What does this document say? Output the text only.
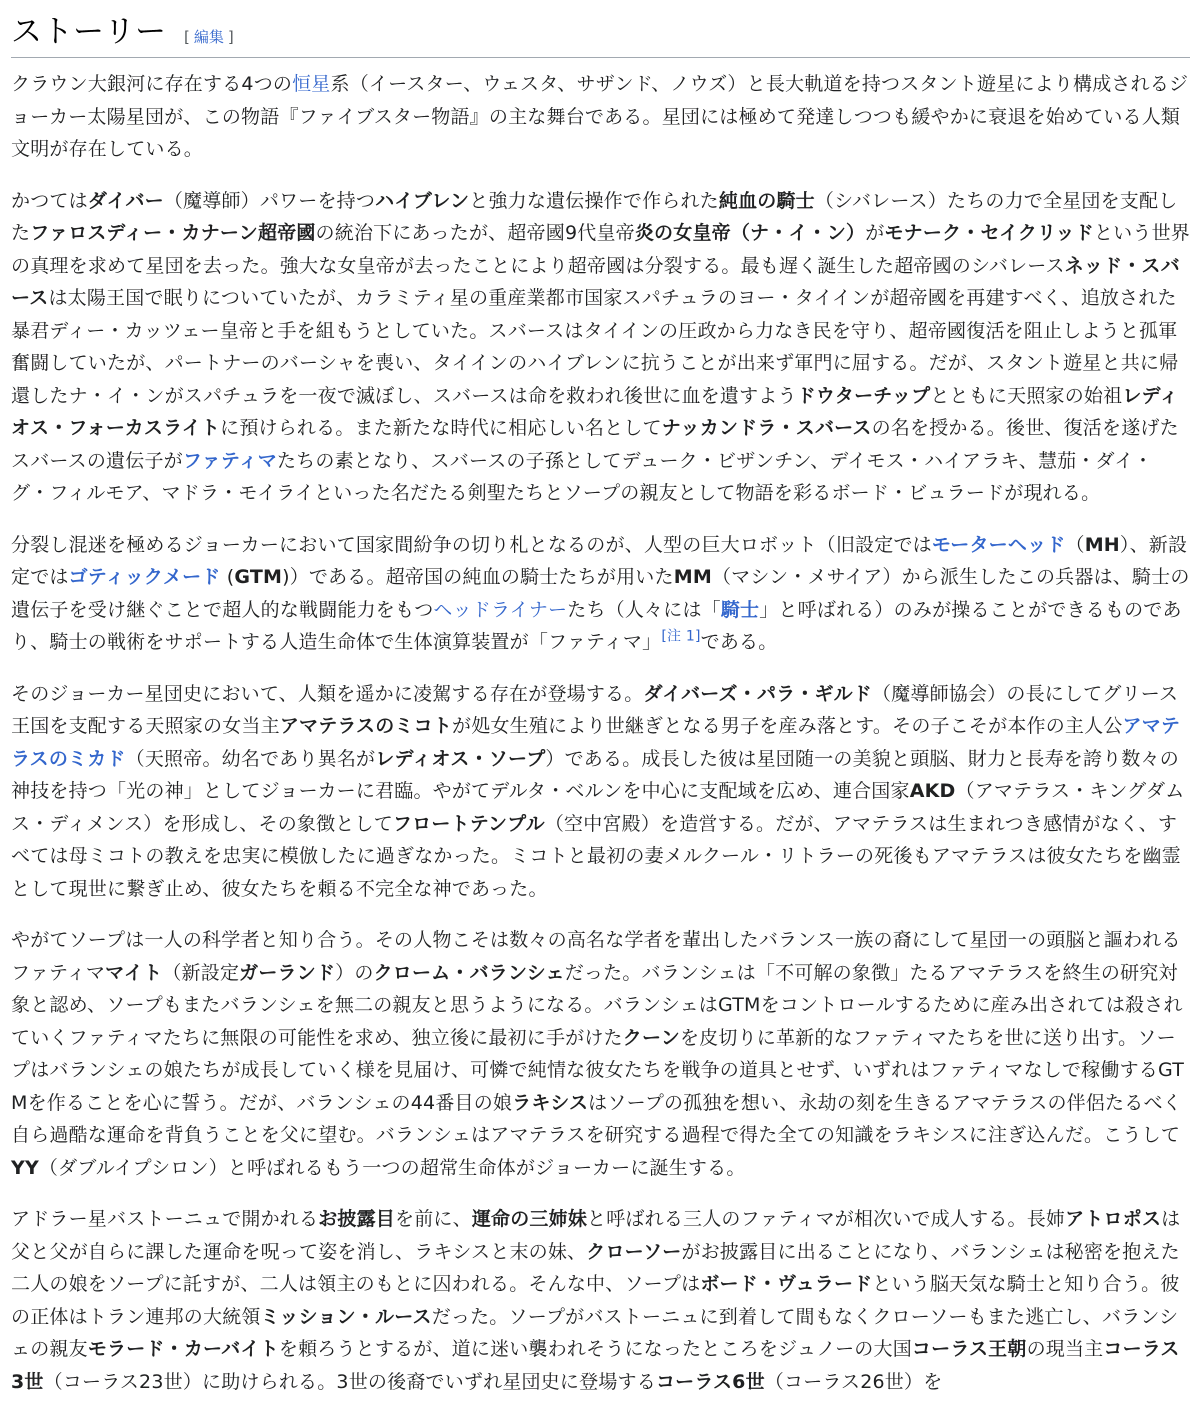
ストーリー [ 編集 ]

クラウン大銀河に存在する4つの恒星系（イースター、ウェスタ、サザンド、ノウズ）と長大軌道を持つスタント遊星により構成されるジョーカー太陽星団が、この物語『ファイブスター物語』の主な舞台である。星団には極めて発達しつつも緩やかに衰退を始めている人類文明が存在している。

かつてはダイバー（魔導師）パワーを持つハイブレンと強力な遺伝操作で作られた純血の騎士（シバレース）たちの力で全星団を支配したファロスディー・カナーン超帝國の統治下にあったが、超帝國9代皇帝炎の女皇帝（ナ・イ・ン）がモナーク・セイクリッドという世界の真理を求めて星団を去った。強大な女皇帝が去ったことにより超帝國は分裂する。最も遅く誕生した超帝國のシバレースネッド・スバースは太陽王国で眠りについていたが、カラミティ星の重産業都市国家スパチュラのヨー・タイインが超帝國を再建すべく、追放された暴君ディー・カッツェー皇帝と手を組もうとしていた。スバースはタイインの圧政から力なき民を守り、超帝國復活を阻止しようと孤軍奮闘していたが、パートナーのバーシャを喪い、タイインのハイブレンに抗うことが出来ず軍門に屈する。だが、スタント遊星と共に帰還したナ・イ・ンがスパチュラを一夜で滅ぼし、スバースは命を救われ後世に血を遺すようドウターチップとともに天照家の始祖レディオス・フォーカスライトに預けられる。また新たな時代に相応しい名としてナッカンドラ・スバースの名を授かる。後世、復活を遂げたスバースの遺伝子がファティマたちの素となり、スバースの子孫としてデューク・ビザンチン、デイモス・ハイアラキ、慧茄・ダイ・グ・フィルモア、マドラ・モイライといった名だたる剣聖たちとソープの親友として物語を彩るボード・ビュラードが現れる。

分裂し混迷を極めるジョーカーにおいて国家間紛争の切り札となるのが、人型の巨大ロボット（旧設定ではモーターヘッド（MH）、新設定ではゴティックメード (GTM)）である。超帝国の純血の騎士たちが用いたMM（マシン・メサイア）から派生したこの兵器は、騎士の遺伝子を受け継ぐことで超人的な戦闘能力をもつヘッドライナーたち（人々には「騎士」と呼ばれる）のみが操ることができるものであり、騎士の戦術をサポートする人造生命体で生体演算装置が「ファティマ」[注 1]である。

そのジョーカー星団史において、人類を遥かに凌駕する存在が登場する。ダイバーズ・パラ・ギルド（魔導師協会）の長にしてグリース王国を支配する天照家の女当主アマテラスのミコトが処女生殖により世継ぎとなる男子を産み落とす。その子こそが本作の主人公アマテラスのミカド（天照帝。幼名であり異名がレディオス・ソープ）である。成長した彼は星団随一の美貌と頭脳、財力と長寿を誇り数々の神技を持つ「光の神」としてジョーカーに君臨。やがてデルタ・ベルンを中心に支配域を広め、連合国家AKD（アマテラス・キングダムス・ディメンス）を形成し、その象徴としてフロートテンプル（空中宮殿）を造営する。だが、アマテラスは生まれつき感情がなく、すべては母ミコトの教えを忠実に模倣したに過ぎなかった。ミコトと最初の妻メルクール・リトラーの死後もアマテラスは彼女たちを幽霊として現世に繋ぎ止め、彼女たちを頼る不完全な神であった。

やがてソープは一人の科学者と知り合う。その人物こそは数々の高名な学者を輩出したバランス一族の裔にして星団一の頭脳と謳われるファティママイト（新設定ガーランド）のクローム・バランシェだった。バランシェは「不可解の象徴」たるアマテラスを終生の研究対象と認め、ソープもまたバランシェを無二の親友と思うようになる。バランシェはGTMをコントロールするために産み出されては殺されていくファティマたちに無限の可能性を求め、独立後に最初に手がけたクーンを皮切りに革新的なファティマたちを世に送り出す。ソープはバランシェの娘たちが成長していく様を見届け、可憐で純情な彼女たちを戦争の道具とせず、いずれはファティマなしで稼働するGTMを作ることを心に誓う。だが、バランシェの44番目の娘ラキシスはソープの孤独を想い、永劫の刻を生きるアマテラスの伴侶たるべく自ら過酷な運命を背負うことを父に望む。バランシェはアマテラスを研究する過程で得た全ての知識をラキシスに注ぎ込んだ。こうしてYY（ダブルイプシロン）と呼ばれるもう一つの超常生命体がジョーカーに誕生する。

アドラー星バストーニュで開かれるお披露目を前に、運命の三姉妹と呼ばれる三人のファティマが相次いで成人する。長姉アトロポスは父と父が自らに課した運命を呪って姿を消し、ラキシスと末の妹、クローソーがお披露目に出ることになり、バランシェは秘密を抱えた二人の娘をソープに託すが、二人は領主のもとに囚われる。そんな中、ソープはボード・ヴュラードという脳天気な騎士と知り合う。彼の正体はトラン連邦の大統領ミッション・ルースだった。ソープがバストーニュに到着して間もなくクローソーもまた逃亡し、バランシェの親友モラード・カーバイトを頼ろうとするが、道に迷い襲われそうになったところをジュノーの大国コーラス王朝の現当主コーラス3世（コーラス23世）に助けられる。3世の後裔でいずれ星団史に登場するコーラス6世（コーラス26世）を
